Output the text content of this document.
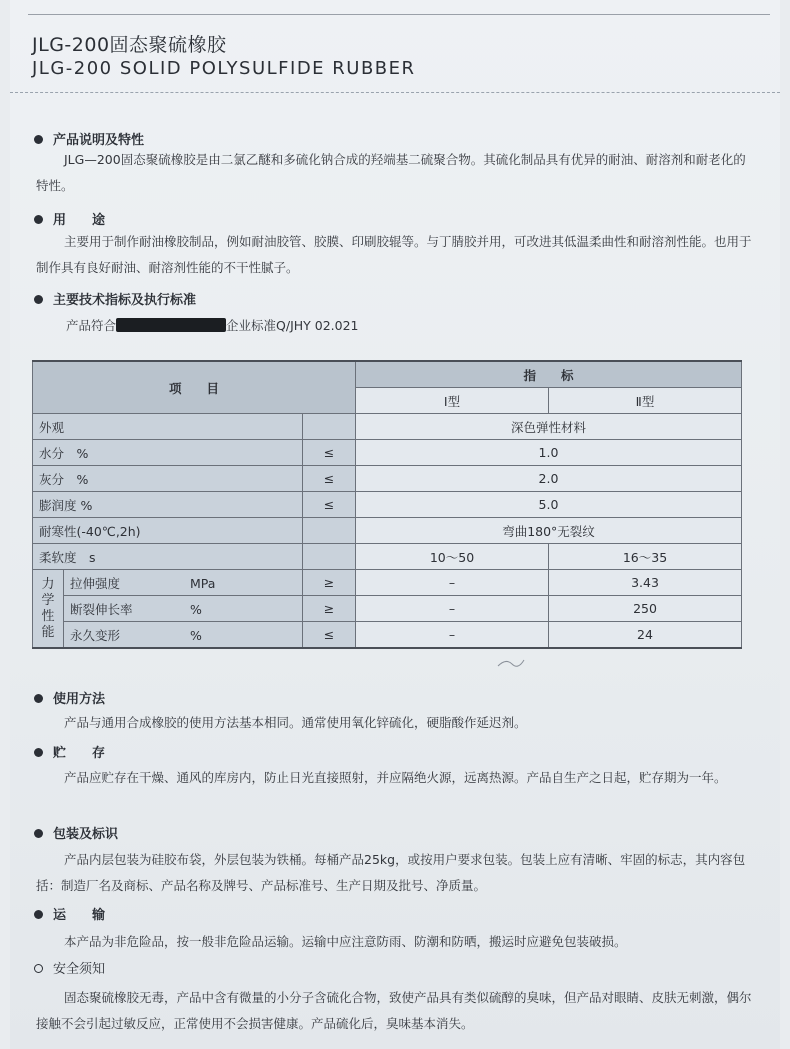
JLG-200固态聚硫橡胶
JLG-200 SOLID POLYSULFIDE RUBBER
产品说明及特性
JLG—200固态聚硫橡胶是由二氯乙醚和多硫化钠合成的羟端基二硫聚合物。其硫化制品具有优异的耐油、耐溶剂和耐老化的特性。
用　　途
主要用于制作耐油橡胶制品，例如耐油胶管、胶膜、印刷胶辊等。与丁腈胶并用，可改进其低温柔曲性和耐溶剂性能。也用于制作具有良好耐油、耐溶剂性能的不干性腻子。
主要技术指标及执行标准
产品符合	企业标准Q/JHY 02.021
项　　目			指　　标	
			Ⅰ型	Ⅱ型
外观			深色弹性材料	
水分　%		≤	1.0	
灰分　%		≤	2.0	
膨润度 %		≤	5.0	
耐寒性(-40℃,2h)			弯曲180°无裂纹	
柔软度　s			10～50	16～35

力
学
性
能	拉伸强度 MPa	≥	–	3.43
	断裂伸长率 %	≥	–	250
	永久变形 %	≤	–	24
使用方法
产品与通用合成橡胶的使用方法基本相同。通常使用氧化锌硫化，硬脂酸作延迟剂。
贮　　存
产品应贮存在干燥、通风的库房内，防止日光直接照射，并应隔绝火源，远离热源。产品自生产之日起，贮存期为一年。
包装及标识
产品内层包装为硅胶布袋，外层包装为铁桶。每桶产品25kg，或按用户要求包装。包装上应有清晰、牢固的标志，其内容包括：制造厂名及商标、产品名称及牌号、产品标准号、生产日期及批号、净质量。
运　　输
本产品为非危险品，按一般非危险品运输。运输中应注意防雨、防潮和防晒，搬运时应避免包装破损。
安全须知
固态聚硫橡胶无毒，产品中含有微量的小分子含硫化合物，致使产品具有类似硫醇的臭味，但产品对眼睛、皮肤无刺激，偶尔接触不会引起过敏反应，正常使用不会损害健康。产品硫化后，臭味基本消失。
